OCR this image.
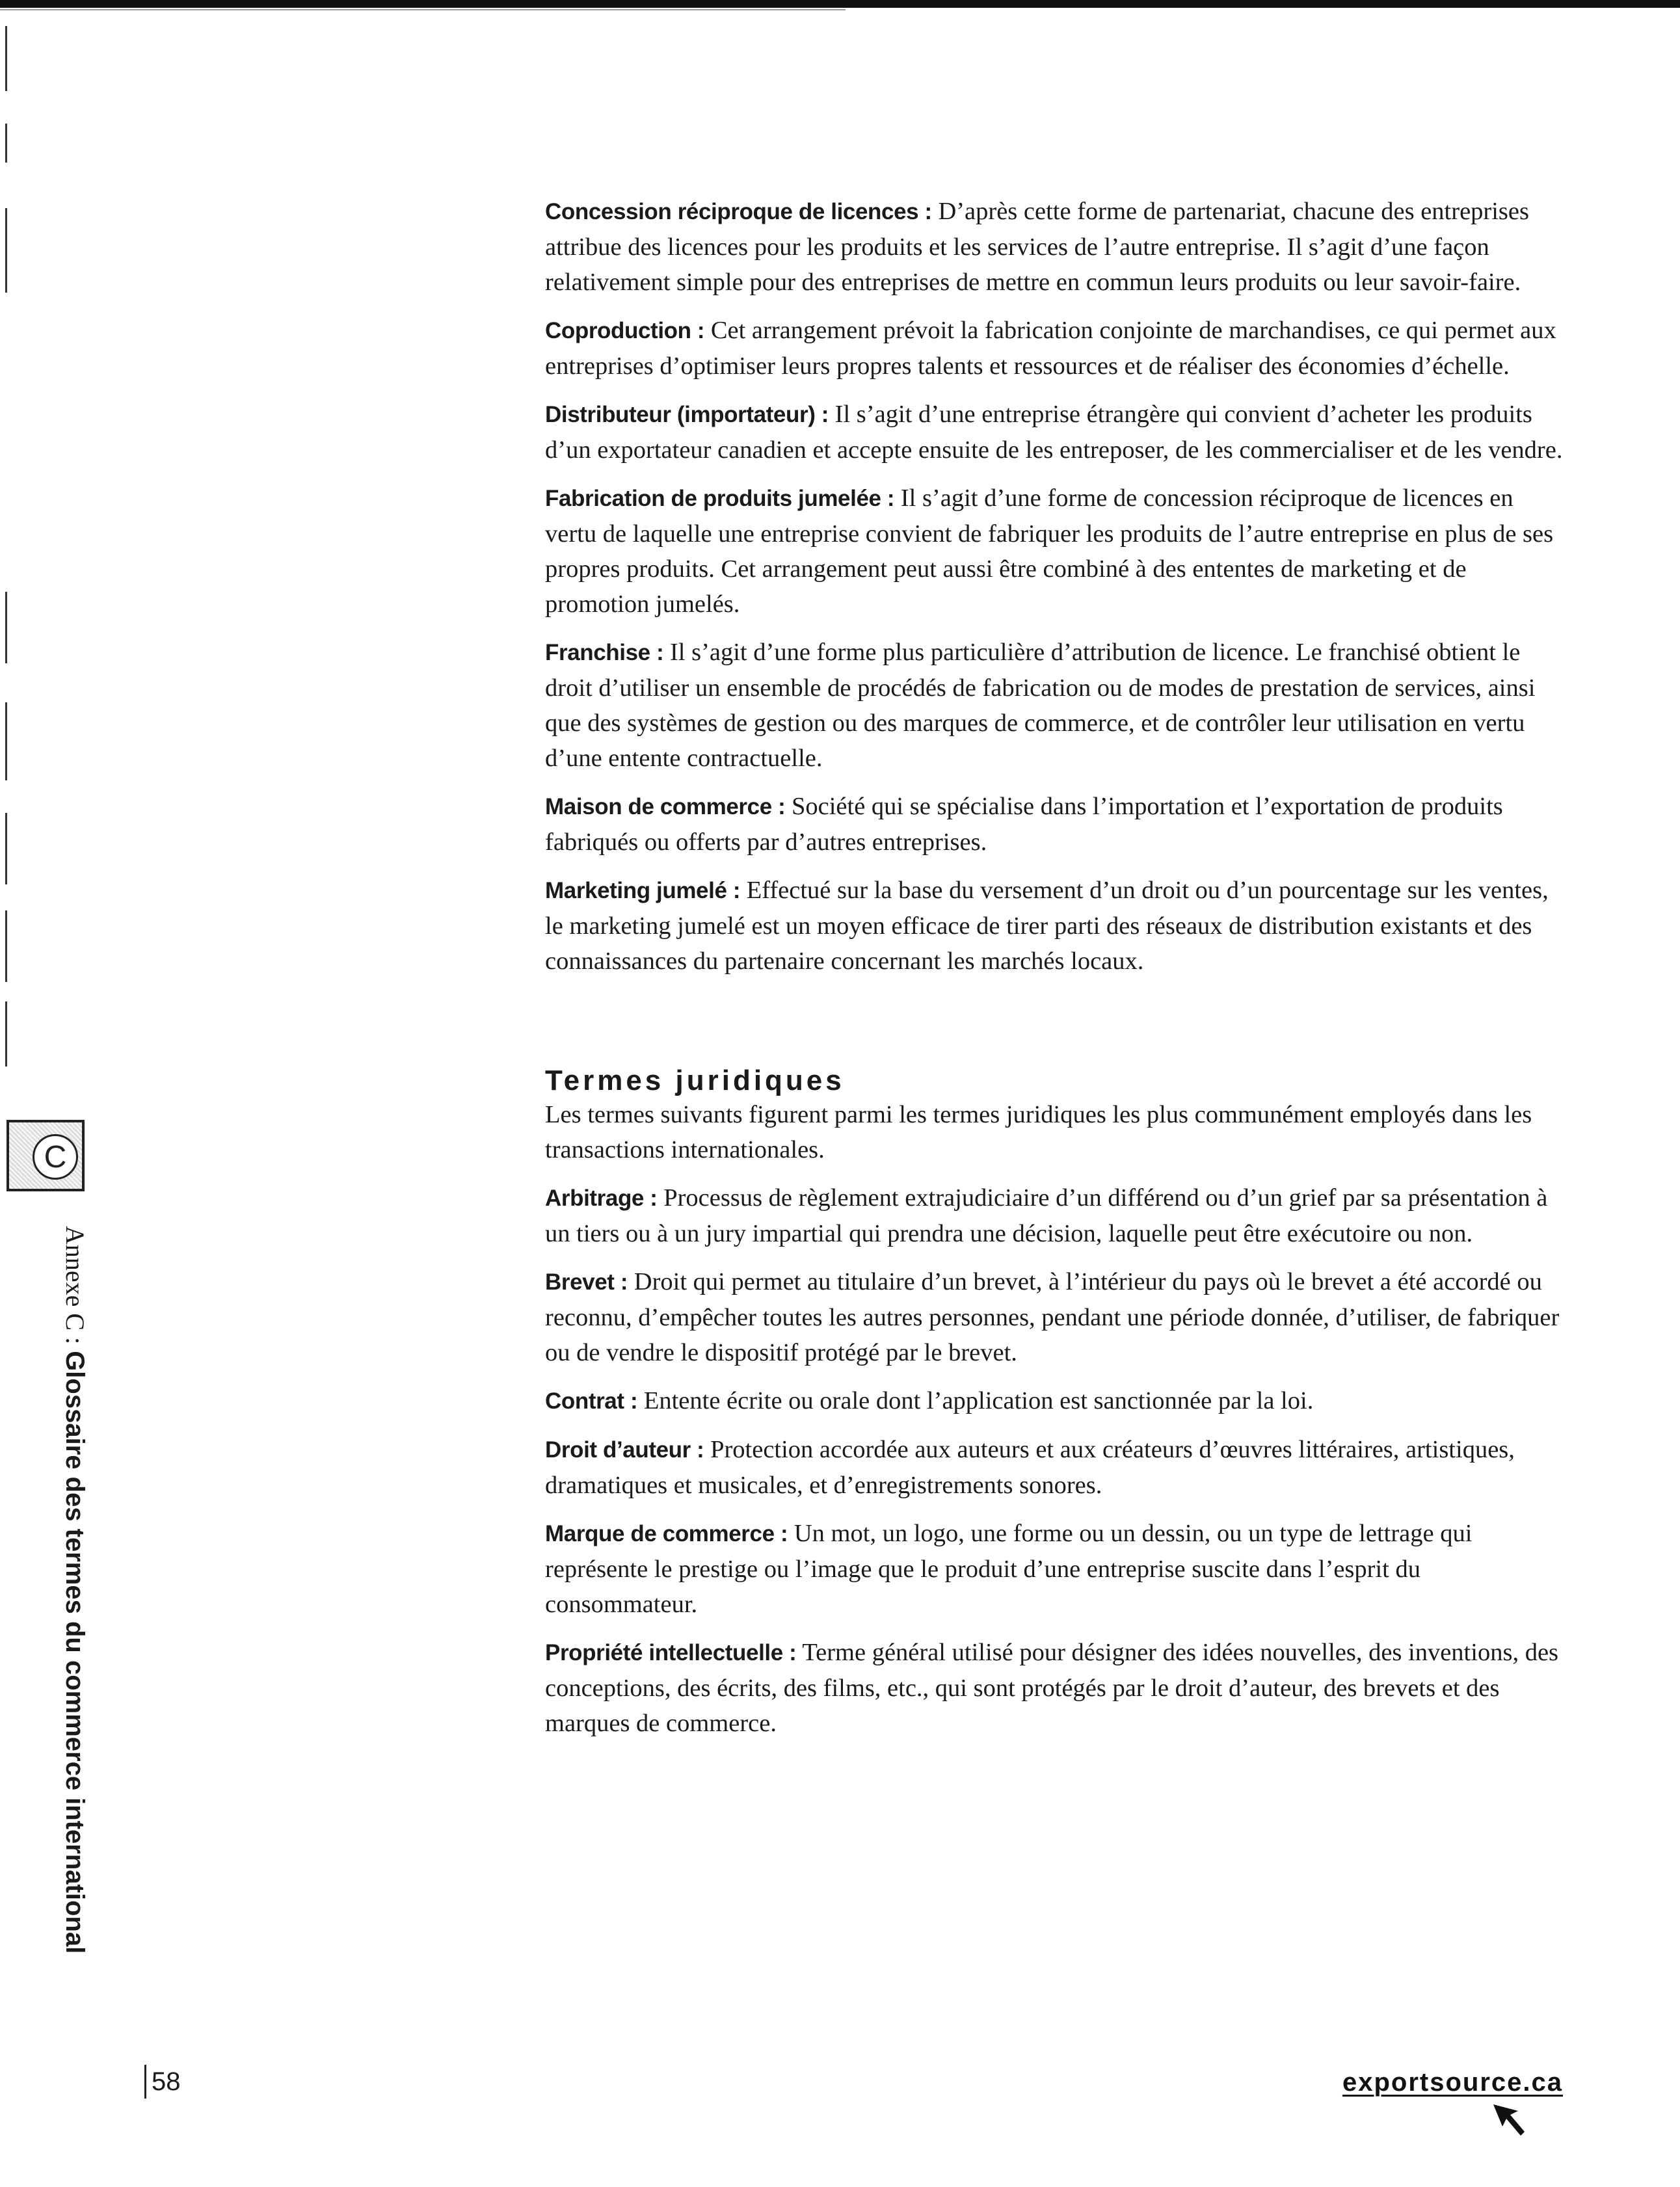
Concession réciproque de licences : D’après cette forme de partenariat, chacune des entreprises attribue des licences pour les produits et les services de l’autre entreprise. Il s’agit d’une façon relativement simple pour des entreprises de mettre en commun leurs produits ou leur savoir-faire.

Coproduction : Cet arrangement prévoit la fabrication conjointe de marchandises, ce qui permet aux entreprises d’optimiser leurs propres talents et ressources et de réaliser des économies d’échelle.

Distributeur (importateur) : Il s’agit d’une entreprise étrangère qui convient d’acheter les produits d’un exportateur canadien et accepte ensuite de les entreposer, de les commercialiser et de les vendre.

Fabrication de produits jumelée : Il s’agit d’une forme de concession réciproque de licences en vertu de laquelle une entreprise convient de fabriquer les produits de l’autre entreprise en plus de ses propres produits. Cet arrangement peut aussi être combiné à des ententes de marketing et de promotion jumelés.

Franchise : Il s’agit d’une forme plus particulière d’attribution de licence. Le franchisé obtient le droit d’utiliser un ensemble de procédés de fabrication ou de modes de prestation de services, ainsi que des systèmes de gestion ou des marques de commerce, et de contrôler leur utilisation en vertu d’une entente contractuelle.

Maison de commerce : Société qui se spécialise dans l’importation et l’exportation de produits fabriqués ou offerts par d’autres entreprises.

Marketing jumelé : Effectué sur la base du versement d’un droit ou d’un pourcentage sur les ventes, le marketing jumelé est un moyen efficace de tirer parti des réseaux de distribution existants et des connaissances du partenaire concernant les marchés locaux.

Termes juridiques

Les termes suivants figurent parmi les termes juridiques les plus communément employés dans les transactions internationales.

Arbitrage : Processus de règlement extrajudiciaire d’un différend ou d’un grief par sa présentation à un tiers ou à un jury impartial qui prendra une décision, laquelle peut être exécutoire ou non.

Brevet : Droit qui permet au titulaire d’un brevet, à l’intérieur du pays où le brevet a été accordé ou reconnu, d’empêcher toutes les autres personnes, pendant une période donnée, d’utiliser, de fabriquer ou de vendre le dispositif protégé par le brevet.

Contrat : Entente écrite ou orale dont l’application est sanctionnée par la loi.

Droit d’auteur : Protection accordée aux auteurs et aux créateurs d’œuvres littéraires, artistiques, dramatiques et musicales, et d’enregistrements sonores.

Marque de commerce : Un mot, un logo, une forme ou un dessin, ou un type de lettrage qui représente le prestige ou l’image que le produit d’une entreprise suscite dans l’esprit du consommateur.

Propriété intellectuelle : Terme général utilisé pour désigner des idées nouvelles, des inventions, des conceptions, des écrits, des films, etc., qui sont protégés par le droit d’auteur, des brevets et des marques de commerce.

C
Annexe C : Glossaire des termes du commerce international
58	exportsource.ca
